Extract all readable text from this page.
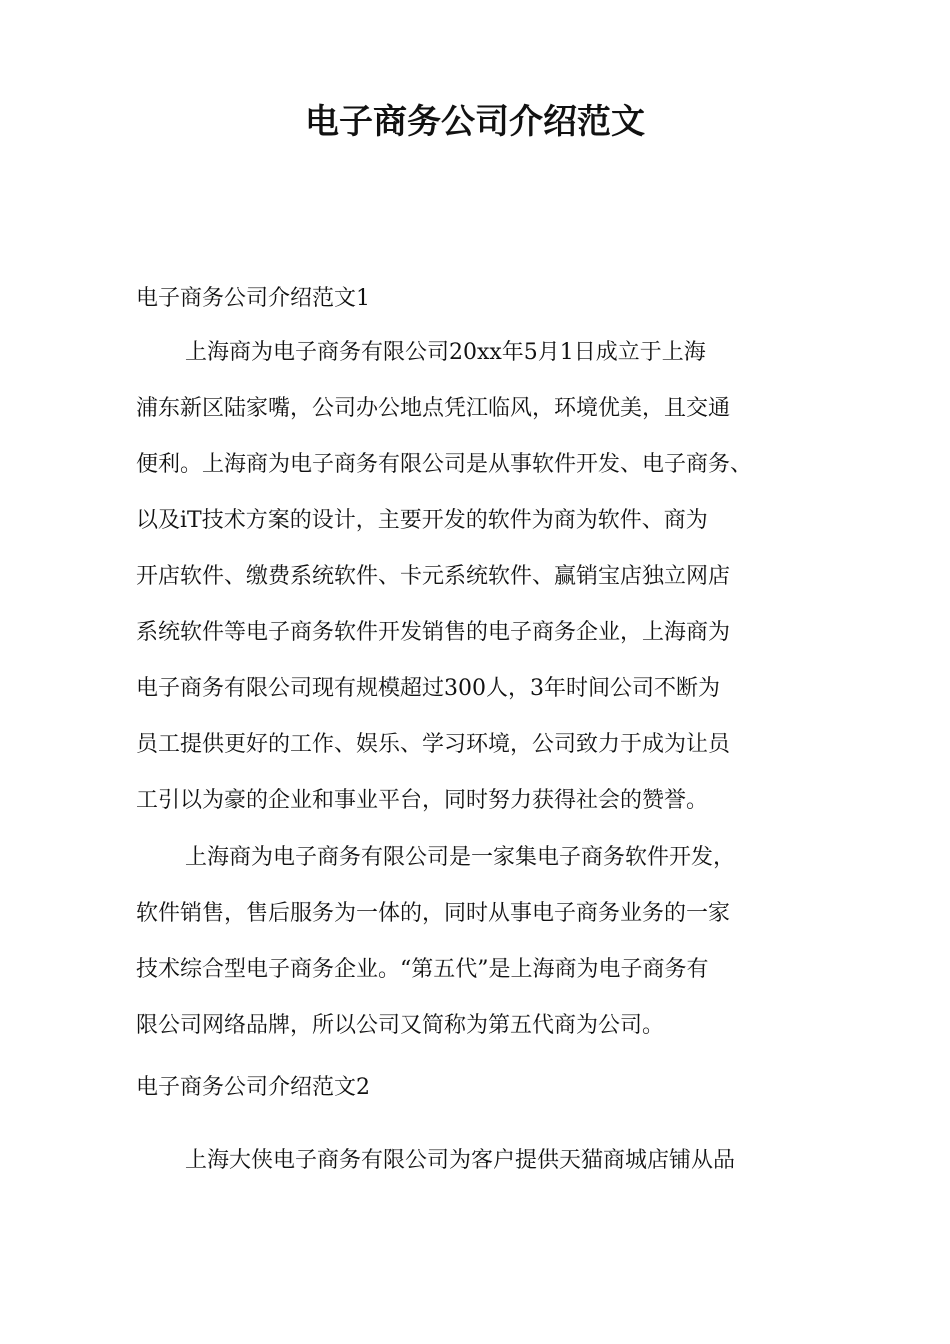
电子商务公司介绍范文
电子商务公司介绍范文1
上海商为电子商务有限公司20xx年5月1日成立于上海
浦东新区陆家嘴，公司办公地点凭江临风，环境优美，且交通
便利。上海商为电子商务有限公司是从事软件开发、电子商务、
以及iT技术方案的设计，主要开发的软件为商为软件、商为
开店软件、缴费系统软件、卡元系统软件、赢销宝店独立网店
系统软件等电子商务软件开发销售的电子商务企业，上海商为
电子商务有限公司现有规模超过300人，3年时间公司不断为
员工提供更好的工作、娱乐、学习环境，公司致力于成为让员
工引以为豪的企业和事业平台，同时努力获得社会的赞誉。
上海商为电子商务有限公司是一家集电子商务软件开发，
软件销售，售后服务为一体的，同时从事电子商务业务的一家
技术综合型电子商务企业。“第五代”是上海商为电子商务有
限公司网络品牌，所以公司又简称为第五代商为公司。
电子商务公司介绍范文2
上海大侠电子商务有限公司为客户提供天猫商城店铺从品
